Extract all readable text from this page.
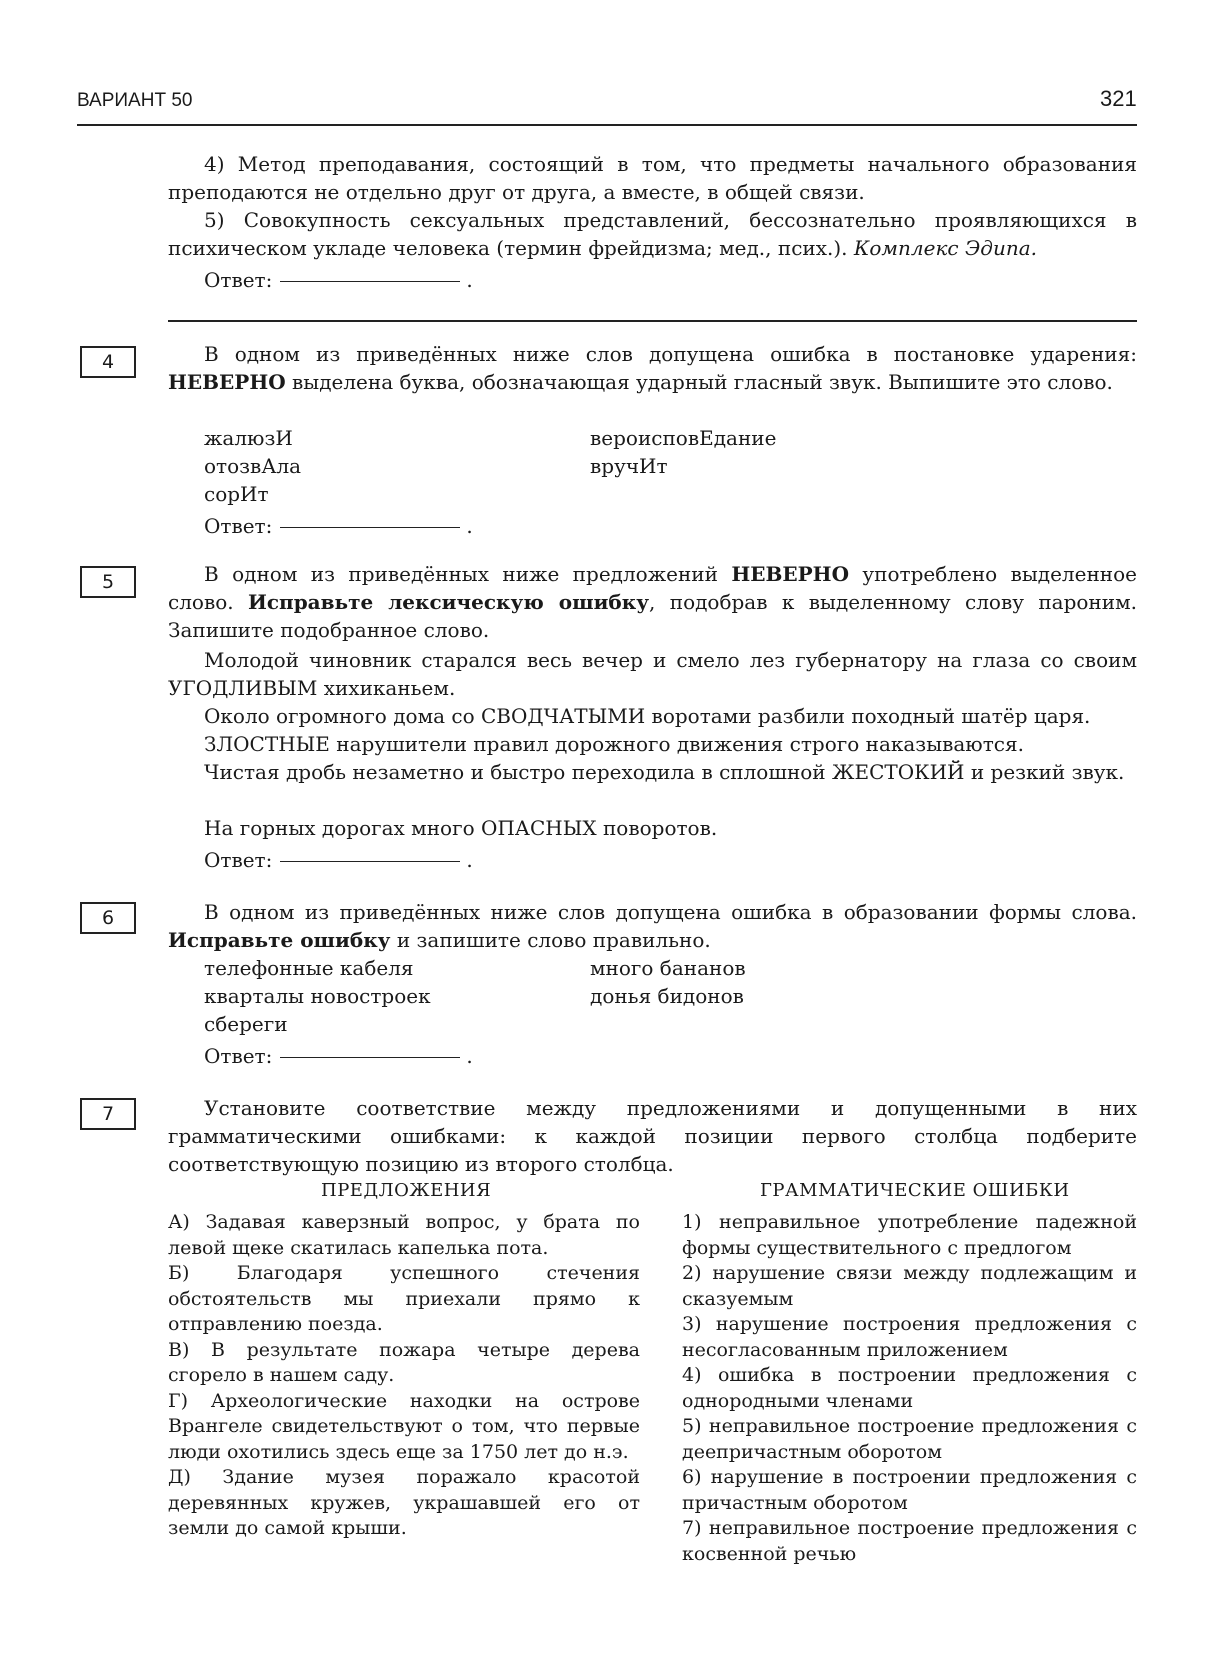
ВАРИАНТ 50	321

4) Метод преподавания, состоящий в том, что предметы начального образования преподаются не отдельно друг от друга, а вместе, в общей связи.

5) Совокупность сексуальных представлений, бессознательно проявляющихся в психическом укладе человека (термин фрейдизма; мед., псих.). Комплекс Эдипа.

Ответ:	.

4	В одном из приведённых ниже слов допущена ошибка в постановке ударения: НЕВЕРНО выделена буква, обозначающая ударный гласный звук. Выпишите это слово.

жалюзИ

отозвАла

сорИт

вероисповЕдание

вручИт

Ответ:	.

5	В одном из приведённых ниже предложений НЕВЕРНО употреблено выделенное слово. Исправьте лексическую ошибку, подобрав к выделенному слову пароним. Запишите подобранное слово.

Молодой чиновник старался весь вечер и смело лез губернатору на глаза со своим УГОДЛИВЫМ хихиканьем.

Около огромного дома со СВОДЧАТЫМИ воротами разбили походный шатёр царя.

ЗЛОСТНЫЕ нарушители правил дорожного движения строго наказываются.

Чистая дробь незаметно и быстро переходила в сплошной ЖЕСТОКИЙ и резкий звук.

На горных дорогах много ОПАСНЫХ поворотов.

Ответ:	.

6	В одном из приведённых ниже слов допущена ошибка в образовании формы слова. Исправьте ошибку и запишите слово правильно.

телефонные кабеля

кварталы новостроек

сбереги

много бананов

донья бидонов

Ответ:	.

7	Установите соответствие между предложениями и допущенными в них грамматическими ошибками: к каждой позиции первого столбца подберите соответствующую позицию из второго столбца.

ПРЕДЛОЖЕНИЯ	ГРАММАТИЧЕСКИЕ ОШИБКИ

А) Задавая каверзный вопрос, у брата по левой щеке скатилась капелька пота.

Б) Благодаря успешного стечения обстоятельств мы приехали прямо к отправлению поезда.

В) В результате пожара четыре дерева сгорело в нашем саду.

Г) Археологические находки на острове Врангеле свидетельствуют о том, что первые люди охотились здесь еще за 1750 лет до н.э.

Д) Здание музея поражало красотой деревянных кружев, украшавшей его от земли до самой крыши.

1) неправильное употребление падежной формы существительного с предлогом

2) нарушение связи между подлежащим и сказуемым

3) нарушение построения предложения с несогласованным приложением

4) ошибка в построении предложения с однородными членами

5) неправильное построение предложения с деепричастным оборотом

6) нарушение в построении предложения с причастным оборотом

7) неправильное построение предложения с косвенной речью
